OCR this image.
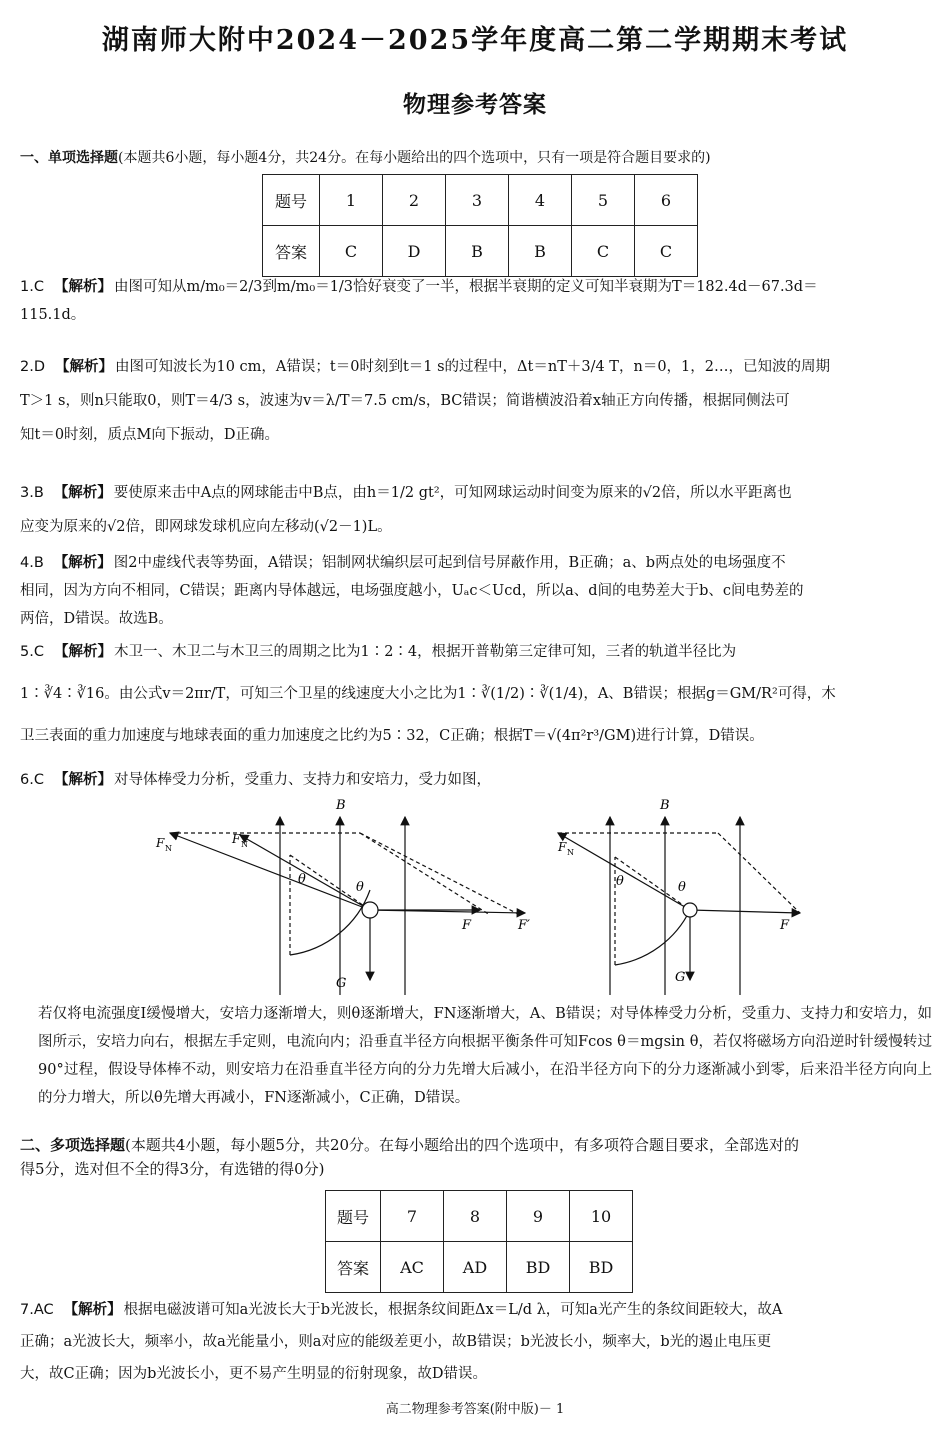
湖南师大附中2024－2025学年度高二第二学期期末考试
物理参考答案
一、单项选择题(本题共6小题，每小题4分，共24分。在每小题给出的四个选项中，只有一项是符合题目要求的)
题号	1	2	3	4	5	6
答案	C	D	B	B	C	C
1.C 【解析】 由图可知从m/m₀＝2/3到m/m₀＝1/3恰好衰变了一半，根据半衰期的定义可知半衰期为T＝182.4d－67.3d＝
115.1d。
2.D 【解析】 由图可知波长为10 cm，A错误；t＝0时刻到t＝1 s的过程中，Δt＝nT＋3/4 T，n＝0，1，2…，已知波的周期
T＞1 s，则n只能取0，则T＝4/3 s，波速为v＝λ/T＝7.5 cm/s，BC错误；简谐横波沿着x轴正方向传播，根据同侧法可
知t＝0时刻，质点M向下振动，D正确。
3.B 【解析】 要使原来击中A点的网球能击中B点，由h＝1/2 gt²，可知网球运动时间变为原来的√2倍，所以水平距离也
应变为原来的√2倍，即网球发球机应向左移动(√2－1)L。
4.B 【解析】 图2中虚线代表等势面，A错误；铝制网状编织层可起到信号屏蔽作用，B正确；a、b两点处的电场强度不
相同，因为方向不相同，C错误；距离内导体越远，电场强度越小，Uₐc＜Ucd，所以a、d间的电势差大于b、c间电势差的
两倍，D错误。故选B。
5.C 【解析】 木卫一、木卫二与木卫三的周期之比为1∶2∶4，根据开普勒第三定律可知，三者的轨道半径比为
1∶∛4∶∛16。由公式v＝2πr/T，可知三个卫星的线速度大小之比为1∶∛(1/2)∶∛(1/4)，A、B错误；根据g＝GM/R²可得，木
卫三表面的重力加速度与地球表面的重力加速度之比约为5∶32，C正确；根据T＝√(4π²r³/GM)进行计算，D错误。
6.C 【解析】 对导体棒受力分析，受重力、支持力和安培力，受力如图，
B
F N
F N
θ
θ
F	F′
G
B
F N
θ	θ
F
G
若仅将电流强度I缓慢增大，安培力逐渐增大，则θ逐渐增大，FN逐渐增大，A、B错误；对导体棒受力分析，受重力、支持力和安培力，如图所示，安培力向右，根据左手定则，电流向内；沿垂直半径方向根据平衡条件可知Fcos θ＝mgsin θ，若仅将磁场方向沿逆时针缓慢转过90°过程，假设导体棒不动，则安培力在沿垂直半径方向的分力先增大后减小，在沿半径方向下的分力逐渐减小到零，后来沿半径方向向上的分力增大，所以θ先增大再减小，FN逐渐减小，C正确，D错误。
二、多项选择题(本题共4小题，每小题5分，共20分。在每小题给出的四个选项中，有多项符合题目要求，全部选对的
得5分，选对但不全的得3分，有选错的得0分)
题号	7	8	9	10
答案	AC	AD	BD	BD
7.AC 【解析】 根据电磁波谱可知a光波长大于b光波长，根据条纹间距Δx＝L/d λ，可知a光产生的条纹间距较大，故A
正确；a光波长大，频率小，故a光能量小，则a对应的能级差更小，故B错误；b光波长小，频率大，b光的遏止电压更
大，故C正确；因为b光波长小，更不易产生明显的衍射现象，故D错误。
高二物理参考答案(附中版)－ 1
